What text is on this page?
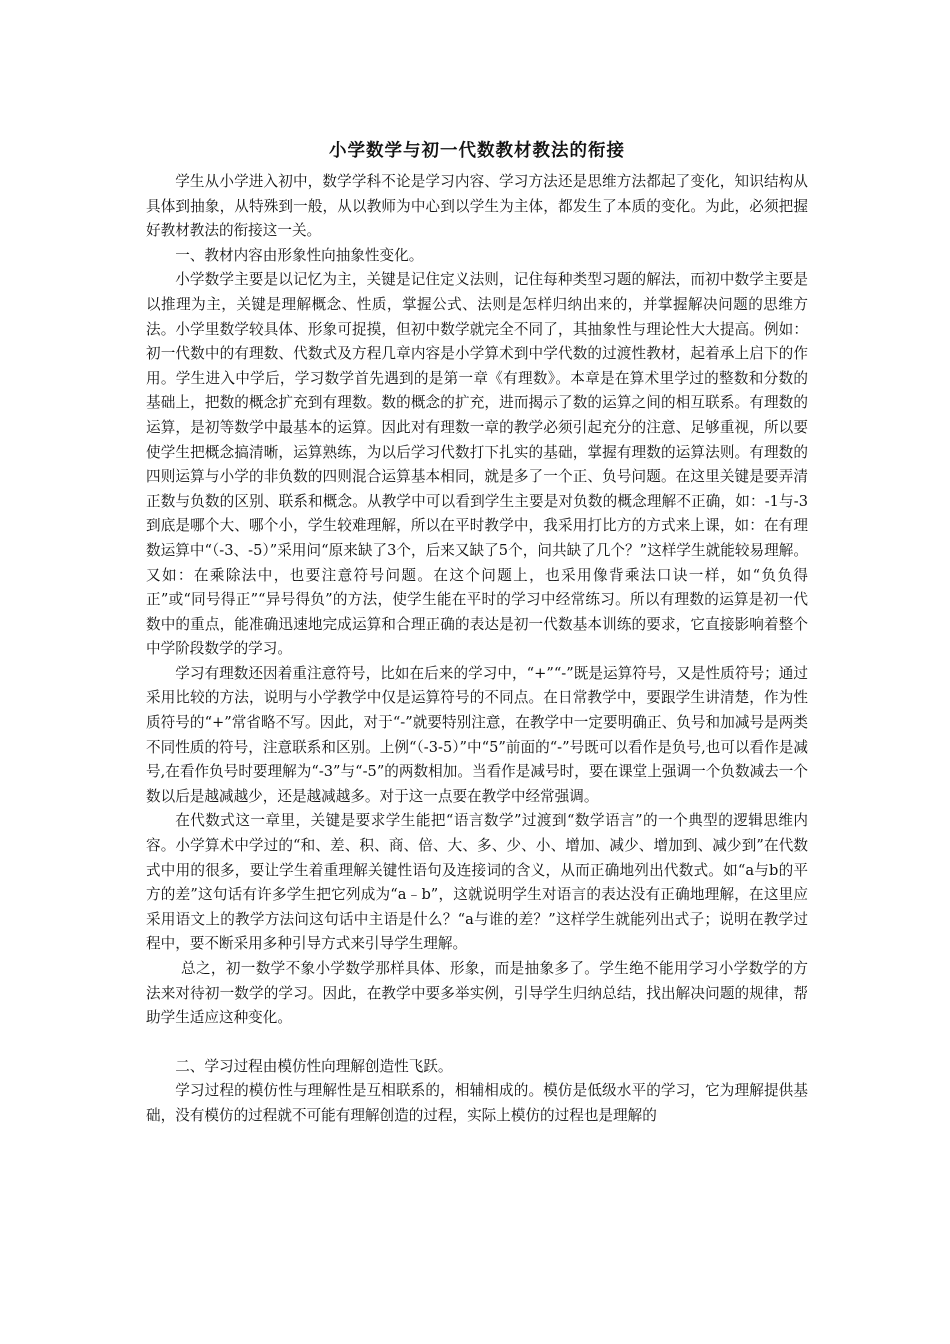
小学数学与初一代数教材教法的衔接

学生从小学进入初中，数学学科不论是学习内容、学习方法还是思维方法都起了变化，知识结构从具体到抽象，从特殊到一般，从以教师为中心到以学生为主体，都发生了本质的变化。为此，必须把握好教材教法的衔接这一关。

一、教材内容由形象性向抽象性变化。

小学数学主要是以记忆为主，关键是记住定义法则，记住每种类型习题的解法，而初中数学主要是以推理为主，关键是理解概念、性质，掌握公式、法则是怎样归纳出来的，并掌握解决问题的思维方法。小学里数学较具体、形象可捉摸，但初中数学就完全不同了，其抽象性与理论性大大提高。例如：初一代数中的有理数、代数式及方程几章内容是小学算术到中学代数的过渡性教材，起着承上启下的作用。学生进入中学后，学习数学首先遇到的是第一章《有理数》。本章是在算术里学过的整数和分数的基础上，把数的概念扩充到有理数。数的概念的扩充，进而揭示了数的运算之间的相互联系。有理数的运算，是初等数学中最基本的运算。因此对有理数一章的教学必须引起充分的注意、足够重视，所以要使学生把概念搞清晰，运算熟练，为以后学习代数打下扎实的基础，掌握有理数的运算法则。有理数的四则运算与小学的非负数的四则混合运算基本相同，就是多了一个正、负号问题。在这里关键是要弄清正数与负数的区别、联系和概念。从教学中可以看到学生主要是对负数的概念理解不正确，如：-1与-3到底是哪个大、哪个小，学生较难理解，所以在平时教学中，我采用打比方的方式来上课，如：在有理数运算中“（-3、-5）”采用问“原来缺了3个，后来又缺了5个，问共缺了几个？”这样学生就能较易理解。又如：在乘除法中，也要注意符号问题。在这个问题上，也采用像背乘法口诀一样，如“负负得正”或“同号得正”“异号得负”的方法，使学生能在平时的学习中经常练习。所以有理数的运算是初一代数中的重点，能准确迅速地完成运算和合理正确的表达是初一代数基本训练的要求，它直接影响着整个中学阶段数学的学习。

学习有理数还因着重注意符号，比如在后来的学习中，“+”“-”既是运算符号，又是性质符号；通过采用比较的方法，说明与小学教学中仅是运算符号的不同点。在日常教学中，要跟学生讲清楚，作为性质符号的“+”常省略不写。因此，对于“-”就要特别注意，在教学中一定要明确正、负号和加减号是两类不同性质的符号，注意联系和区别。上例“（-3-5）”中“5”前面的“-”号既可以看作是负号,也可以看作是减号,在看作负号时要理解为“-3”与“-5”的两数相加。当看作是减号时，要在课堂上强调一个负数减去一个数以后是越减越少，还是越减越多。对于这一点要在教学中经常强调。

在代数式这一章里，关键是要求学生能把“语言数学”过渡到“数学语言”的一个典型的逻辑思维内容。小学算术中学过的“和、差、积、商、倍、大、多、少、小、增加、减少、增加到、减少到”在代数式中用的很多，要让学生着重理解关键性语句及连接词的含义，从而正确地列出代数式。如“a与b的平方的差”这句话有许多学生把它列成为“a﹣b”，这就说明学生对语言的表达没有正确地理解，在这里应采用语文上的教学方法问这句话中主语是什么？“a与谁的差？”这样学生就能列出式子；说明在教学过程中，要不断采用多种引导方式来引导学生理解。

总之，初一数学不象小学数学那样具体、形象，而是抽象多了。学生绝不能用学习小学数学的方法来对待初一数学的学习。因此，在教学中要多举实例，引导学生归纳总结，找出解决问题的规律，帮助学生适应这种变化。

二、学习过程由模仿性向理解创造性飞跃。

学习过程的模仿性与理解性是互相联系的，相辅相成的。模仿是低级水平的学习，它为理解提供基础，没有模仿的过程就不可能有理解创造的过程，实际上模仿的过程也是理解的
